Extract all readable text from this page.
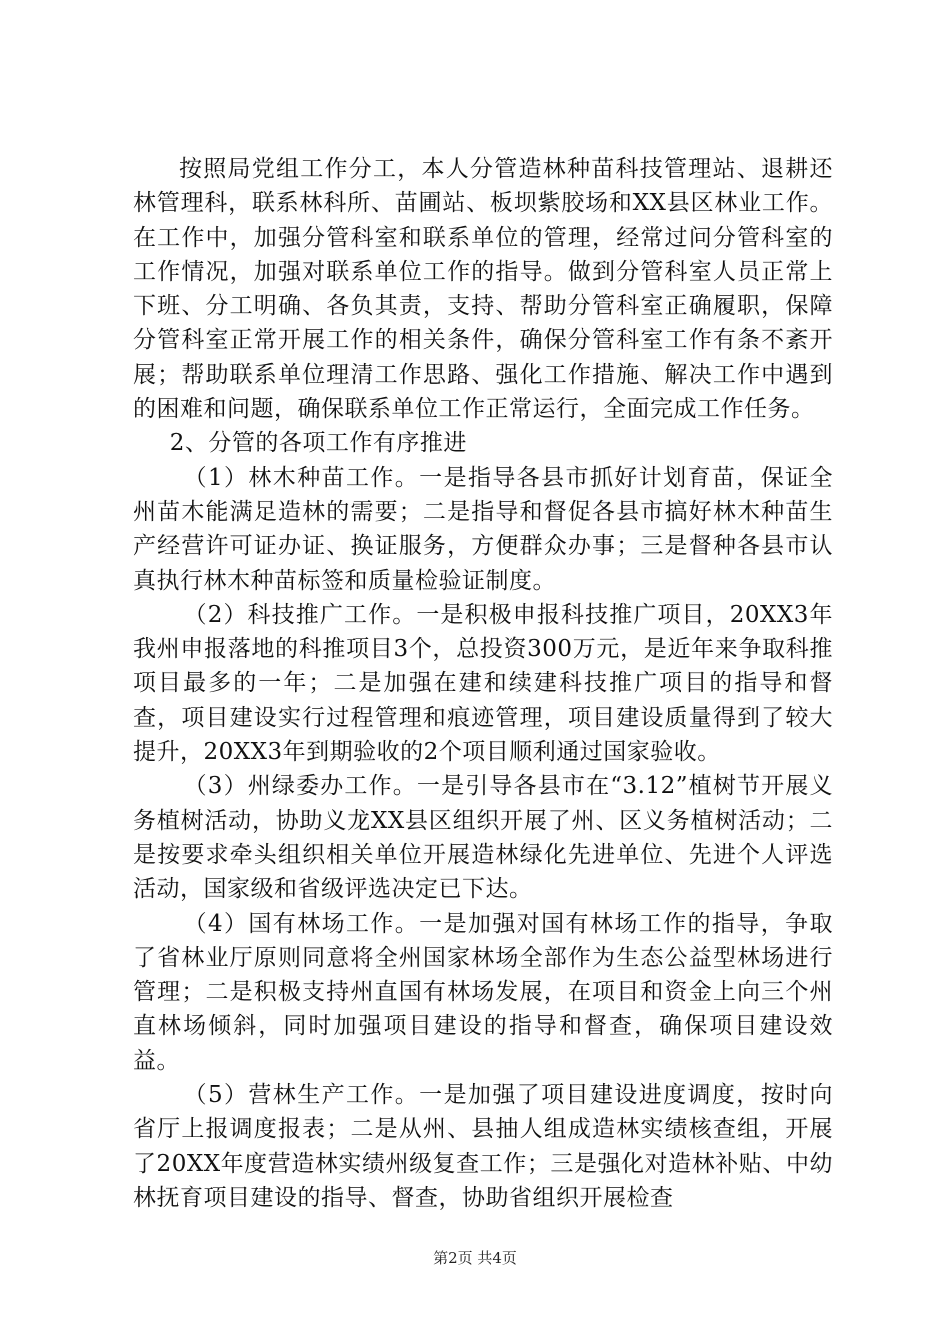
按照局党组工作分工，本人分管造林种苗科技管理站、退耕还林管理科，联系林科所、苗圃站、板坝紫胶场和XX县区林业工作。在工作中，加强分管科室和联系单位的管理，经常过问分管科室的工作情况，加强对联系单位工作的指导。做到分管科室人员正常上下班、分工明确、各负其责，支持、帮助分管科室正确履职，保障分管科室正常开展工作的相关条件，确保分管科室工作有条不紊开展；帮助联系单位理清工作思路、强化工作措施、解决工作中遇到的困难和问题，确保联系单位工作正常运行，全面完成工作任务。

2、分管的各项工作有序推进

（1）林木种苗工作。一是指导各县市抓好计划育苗，保证全州苗木能满足造林的需要；二是指导和督促各县市搞好林木种苗生产经营许可证办证、换证服务，方便群众办事；三是督种各县市认真执行林木种苗标签和质量检验证制度。

（2）科技推广工作。一是积极申报科技推广项目，20XX3年我州申报落地的科推项目3个，总投资300万元，是近年来争取科推项目最多的一年；二是加强在建和续建科技推广项目的指导和督查，项目建设实行过程管理和痕迹管理，项目建设质量得到了较大提升，20XX3年到期验收的2个项目顺利通过国家验收。

（3）州绿委办工作。一是引导各县市在“3.12”植树节开展义务植树活动，协助义龙XX县区组织开展了州、区义务植树活动；二是按要求牵头组织相关单位开展造林绿化先进单位、先进个人评选活动，国家级和省级评选决定已下达。

（4）国有林场工作。一是加强对国有林场工作的指导，争取了省林业厅原则同意将全州国家林场全部作为生态公益型林场进行管理；二是积极支持州直国有林场发展，在项目和资金上向三个州直林场倾斜，同时加强项目建设的指导和督查，确保项目建设效益。

（5）营林生产工作。一是加强了项目建设进度调度，按时向省厅上报调度报表；二是从州、县抽人组成造林实绩核查组，开展了20XX年度营造林实绩州级复查工作；三是强化对造林补贴、中幼林抚育项目建设的指导、督查，协助省组织开展检查

第2页 共4页
